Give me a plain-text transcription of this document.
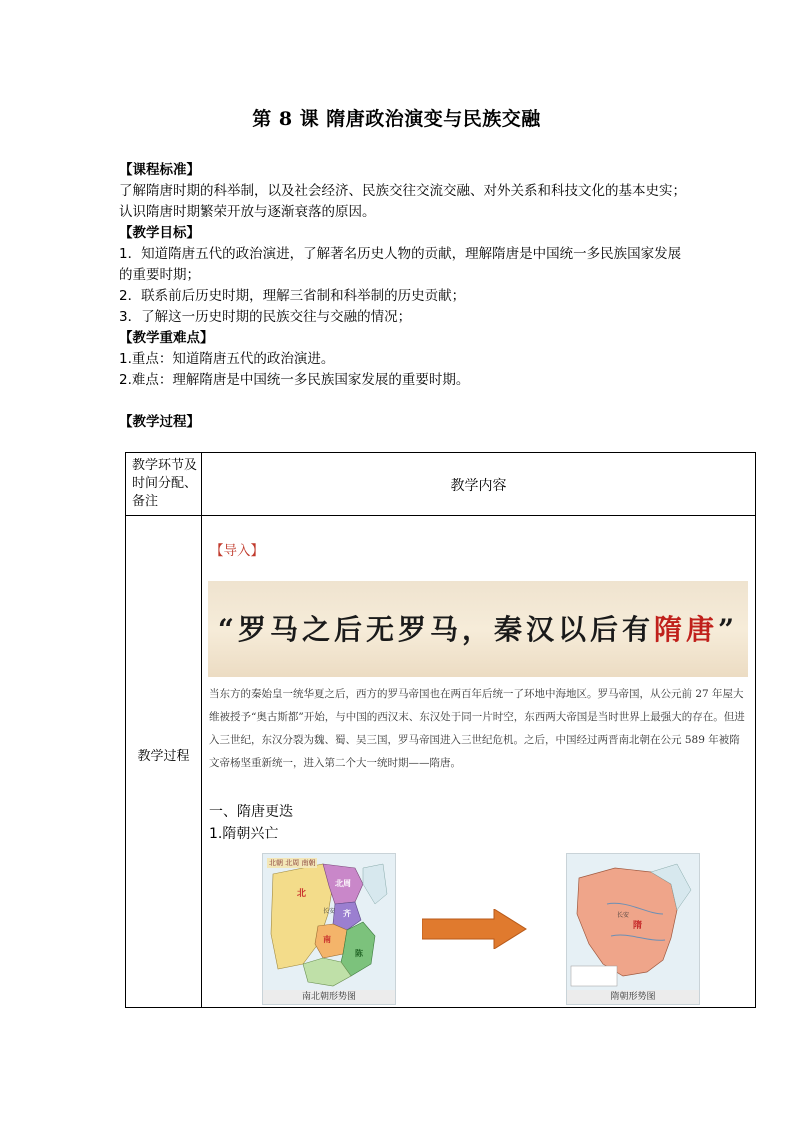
第 8 课 隋唐政治演变与民族交融
【课程标准】
了解隋唐时期的科举制，以及社会经济、民族交往交流交融、对外关系和科技文化的基本史实；认识隋唐时期繁荣开放与逐渐衰落的原因。
【教学目标】
1．知道隋唐五代的政治演进，了解著名历史人物的贡献，理解隋唐是中国统一多民族国家发展的重要时期；
2．联系前后历史时期，理解三省制和科举制的历史贡献；
3．了解这一历史时期的民族交往与交融的情况；
【教学重难点】
1.重点：知道隋唐五代的政治演进。
2.难点：理解隋唐是中国统一多民族国家发展的重要时期。
【教学过程】
教学环节及时间分配、备注
教学内容
教学过程
【导入】
“罗马之后无罗马，秦汉以后有隋唐”
当东方的秦始皇一统华夏之后，西方的罗马帝国也在两百年后统一了环地中海地区。罗马帝国，从公元前 27 年屋大维被授予“奥古斯都”开始，与中国的西汉末、东汉处于同一片时空，东西两大帝国是当时世界上最强大的存在。但进入三世纪，东汉分裂为魏、蜀、吴三国，罗马帝国进入三世纪危机。之后，中国经过两晋南北朝在公元 589 年被隋文帝杨坚重新统一，进入第二个大一统时期——隋唐。
一、隋唐更迭
1.隋朝兴亡
北朝 北周 南朝
北
北周
齐
南
陈
长安
南北朝形势图
隋
长安
隋朝形势图
